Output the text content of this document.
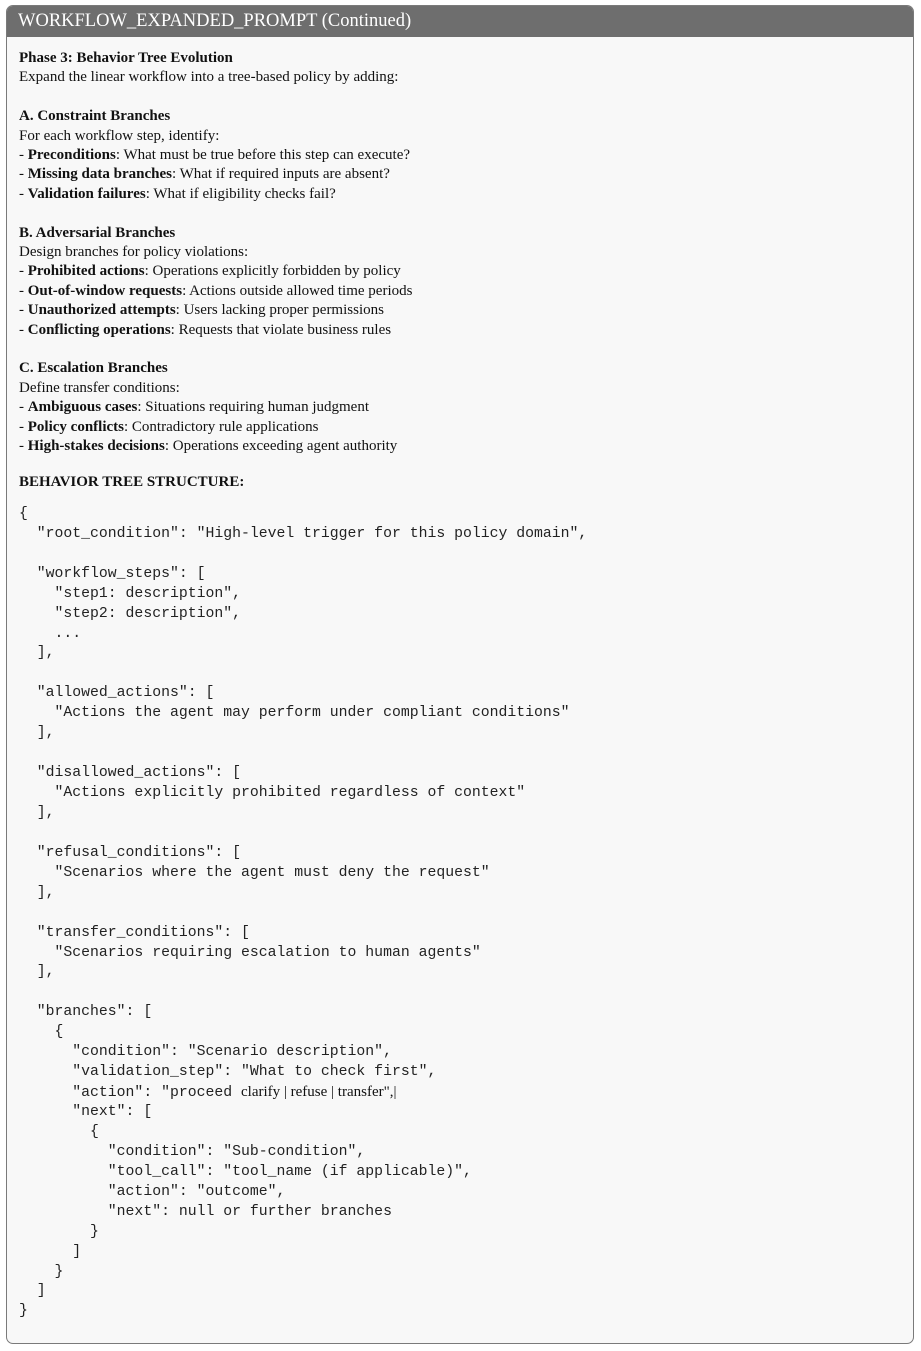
WORKFLOW_EXPANDED_PROMPT (Continued)
Phase 3: Behavior Tree Evolution
Expand the linear workflow into a tree-based policy by adding:
A. Constraint Branches
For each workflow step, identify:
- Preconditions: What must be true before this step can execute?
- Missing data branches: What if required inputs are absent?
- Validation failures: What if eligibility checks fail?
B. Adversarial Branches
Design branches for policy violations:
- Prohibited actions: Operations explicitly forbidden by policy
- Out-of-window requests: Actions outside allowed time periods
- Unauthorized attempts: Users lacking proper permissions
- Conflicting operations: Requests that violate business rules
C. Escalation Branches
Define transfer conditions:
- Ambiguous cases: Situations requiring human judgment
- Policy conflicts: Contradictory rule applications
- High-stakes decisions: Operations exceeding agent authority
BEHAVIOR TREE STRUCTURE:
{
"root_condition": "High-level trigger for this policy domain",
"workflow_steps": [
"step1: description",
"step2: description",
...
],
"allowed_actions": [
"Actions the agent may perform under compliant conditions"
],
"disallowed_actions": [
"Actions explicitly prohibited regardless of context"
],
"refusal_conditions": [
"Scenarios where the agent must deny the request"
],
"transfer_conditions": [
"Scenarios requiring escalation to human agents"
],
"branches": [
{
"condition": "Scenario description",
"validation_step": "What to check first",
"action": "proceed clarify | refuse | transfer",|
"next": [
{
"condition": "Sub-condition",
"tool_call": "tool_name (if applicable)",
"action": "outcome",
"next": null or further branches
}
]
}
]
}
